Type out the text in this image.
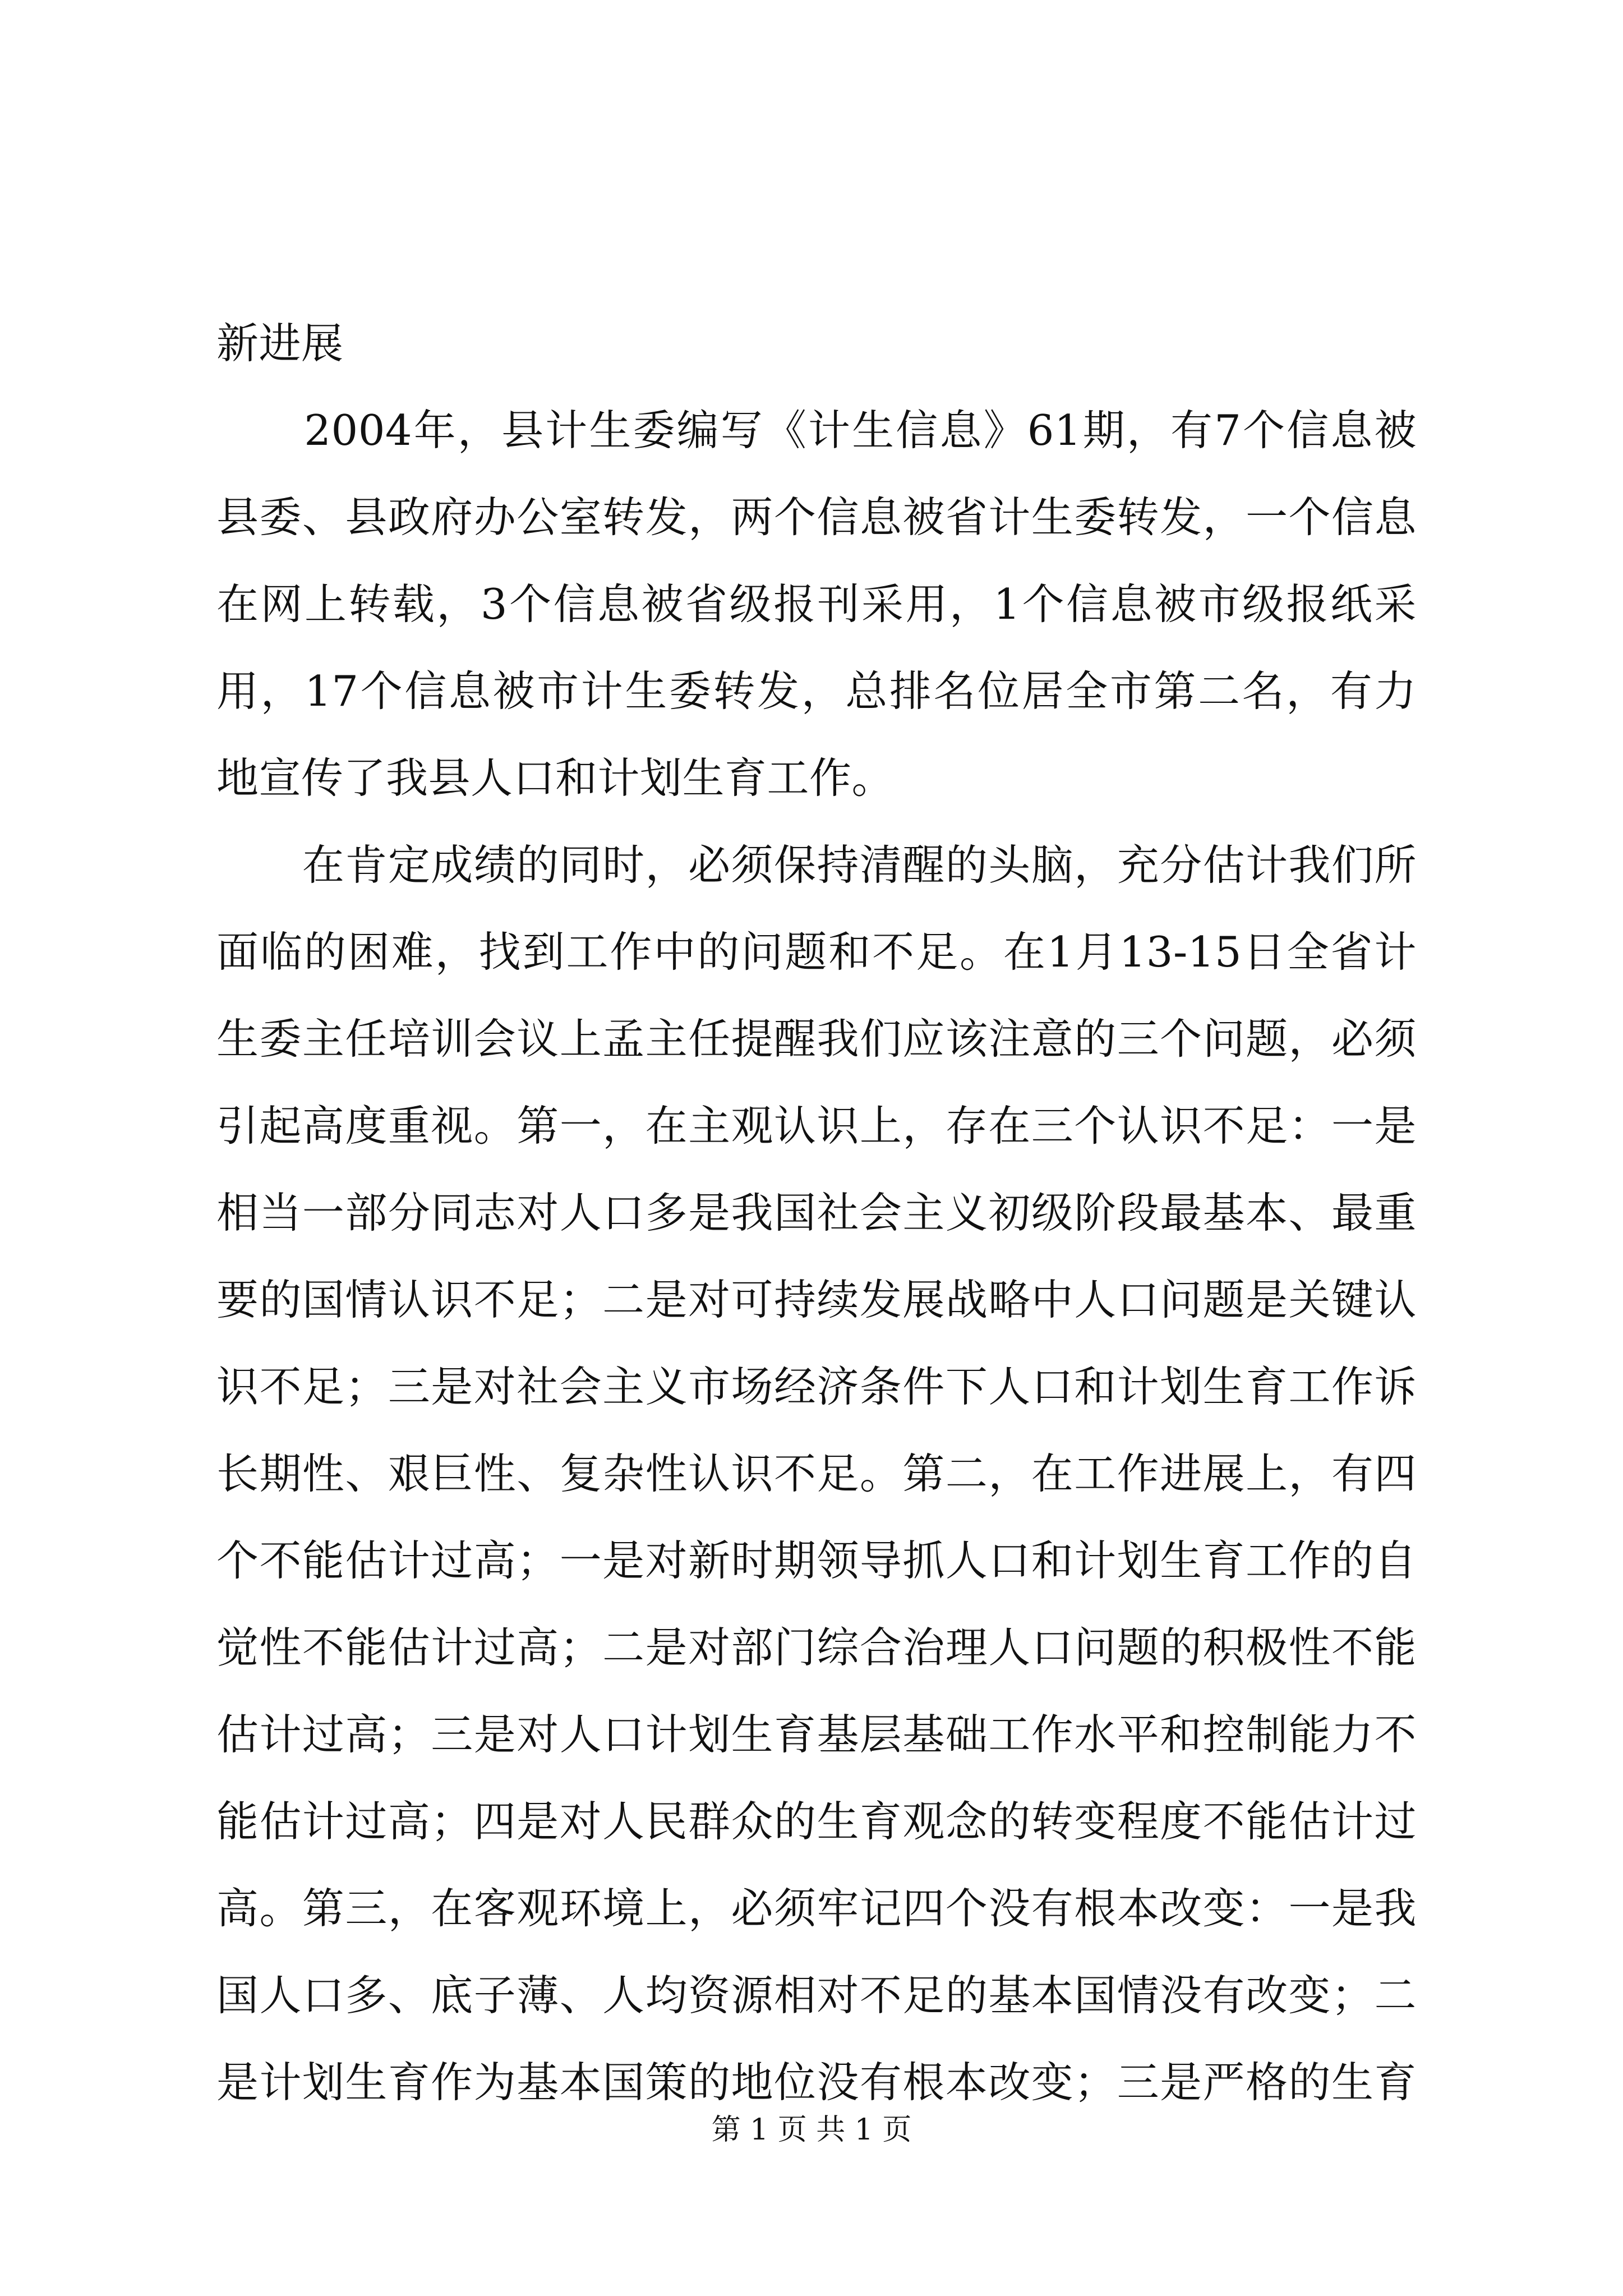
新进展
　　2004年，县计生委编写《计生信息》61期，有7个信息被
县委、县政府办公室转发，两个信息被省计生委转发，一个信息
在网上转载，3个信息被省级报刊采用，1个信息被市级报纸采
用，17个信息被市计生委转发，总排名位居全市第二名，有力
地宣传了我县人口和计划生育工作。
　　在肯定成绩的同时，必须保持清醒的头脑，充分估计我们所
面临的困难，找到工作中的问题和不足。在1月13-15日全省计
生委主任培训会议上孟主任提醒我们应该注意的三个问题，必须
引起高度重视。第一，在主观认识上，存在三个认识不足：一是
相当一部分同志对人口多是我国社会主义初级阶段最基本、最重
要的国情认识不足；二是对可持续发展战略中人口问题是关键认
识不足；三是对社会主义市场经济条件下人口和计划生育工作诉
长期性、艰巨性、复杂性认识不足。第二，在工作进展上，有四
个不能估计过高；一是对新时期领导抓人口和计划生育工作的自
觉性不能估计过高；二是对部门综合治理人口问题的积极性不能
估计过高；三是对人口计划生育基层基础工作水平和控制能力不
能估计过高；四是对人民群众的生育观念的转变程度不能估计过
高。第三，在客观环境上，必须牢记四个没有根本改变：一是我
国人口多、底子薄、人均资源相对不足的基本国情没有改变；二
是计划生育作为基本国策的地位没有根本改变；三是严格的生育
第 1 页 共 1 页
